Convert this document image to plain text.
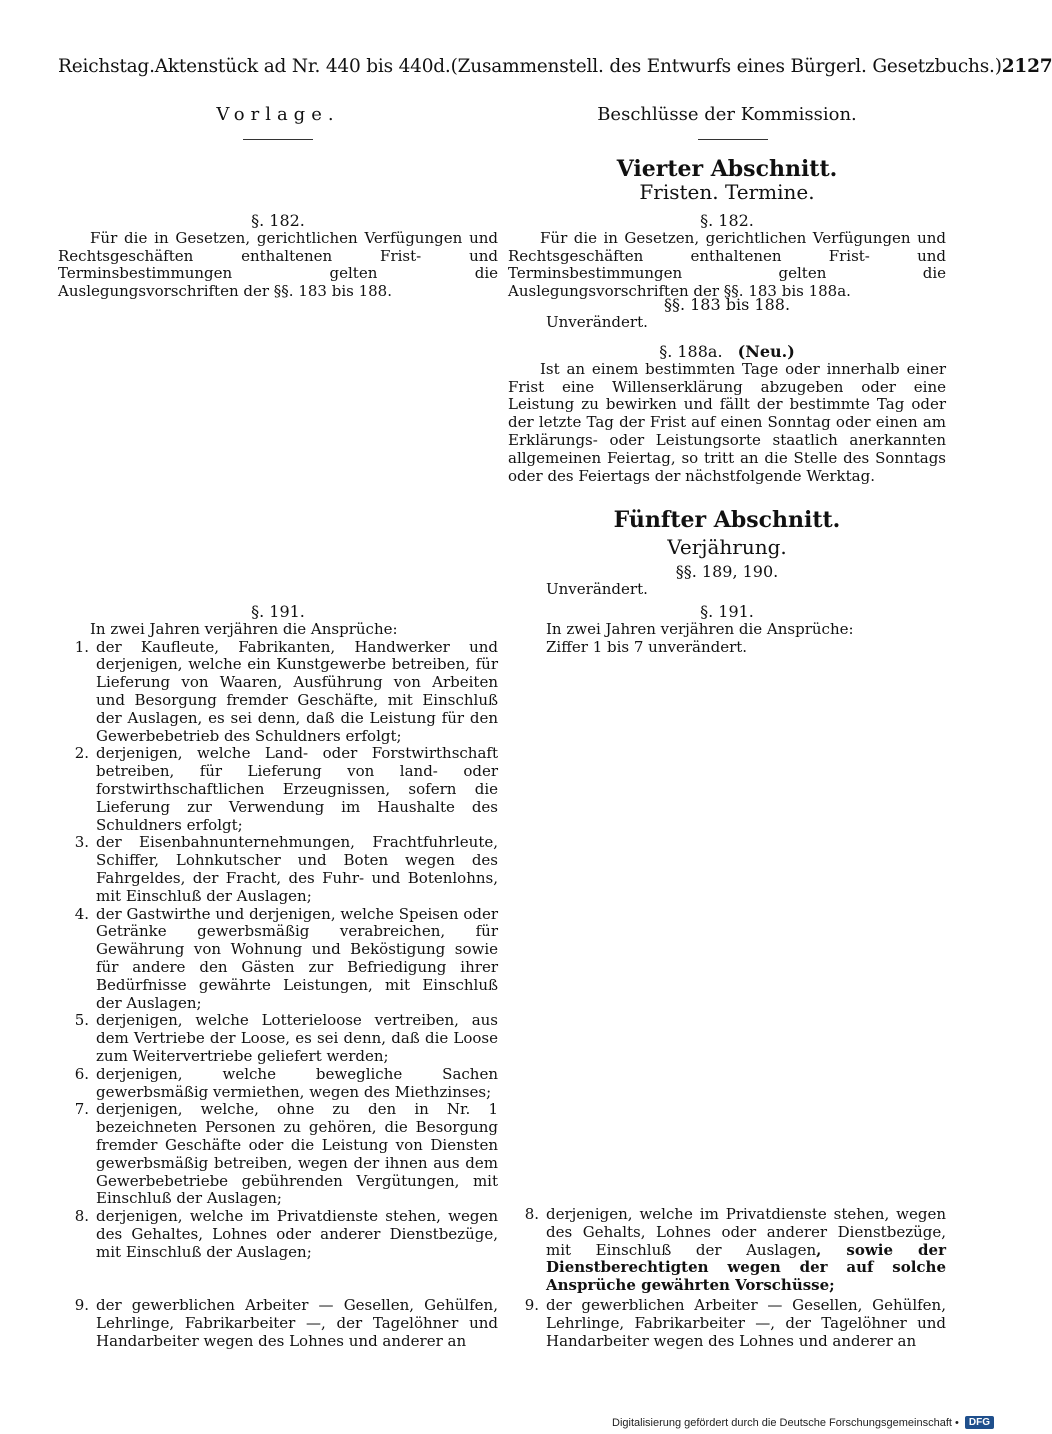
Reichstag. Aktenstück ad Nr. 440 bis 440d. (Zusammenstell. des Entwurfs eines Bürgerl. Gesetzbuchs.) 2127
Vorlage.
§. 182.
Für die in Gesetzen, gerichtlichen Verfügungen und Rechtsgeschäften enthaltenen Frist- und Terminsbestimmungen gelten die Auslegungsvorschriften der §§. 183 bis 188.
§. 191.
In zwei Jahren verjähren die Ansprüche:
1. der Kaufleute, Fabrikanten, Handwerker und derjenigen, welche ein Kunstgewerbe betreiben, für Lieferung von Waaren, Ausführung von Arbeiten und Besorgung fremder Geschäfte, mit Einschluß der Auslagen, es sei denn, daß die Leistung für den Gewerbebetrieb des Schuldners erfolgt;
2. derjenigen, welche Land- oder Forstwirthschaft betreiben, für Lieferung von land- oder forstwirthschaftlichen Erzeugnissen, sofern die Lieferung zur Verwendung im Haushalte des Schuldners erfolgt;
3. der Eisenbahnunternehmungen, Frachtfuhrleute, Schiffer, Lohnkutscher und Boten wegen des Fahrgeldes, der Fracht, des Fuhr- und Botenlohns, mit Einschluß der Auslagen;
4. der Gastwirthe und derjenigen, welche Speisen oder Getränke gewerbsmäßig verabreichen, für Gewährung von Wohnung und Beköstigung sowie für andere den Gästen zur Befriedigung ihrer Bedürfnisse gewährte Leistungen, mit Einschluß der Auslagen;
5. derjenigen, welche Lotterieloose vertreiben, aus dem Vertriebe der Loose, es sei denn, daß die Loose zum Weitervertriebe geliefert werden;
6. derjenigen, welche bewegliche Sachen gewerbsmäßig vermiethen, wegen des Miethzinses;
7. derjenigen, welche, ohne zu den in Nr. 1 bezeichneten Personen zu gehören, die Besorgung fremder Geschäfte oder die Leistung von Diensten gewerbsmäßig betreiben, wegen der ihnen aus dem Gewerbebetriebe gebührenden Vergütungen, mit Einschluß der Auslagen;
8. derjenigen, welche im Privatdienste stehen, wegen des Gehaltes, Lohnes oder anderer Dienstbezüge, mit Einschluß der Auslagen;
9. der gewerblichen Arbeiter — Gesellen, Gehülfen, Lehrlinge, Fabrikarbeiter —, der Tagelöhner und Handarbeiter wegen des Lohnes und anderer an
Beschlüsse der Kommission.
Vierter Abschnitt.
Fristen. Termine.
§. 182.
Für die in Gesetzen, gerichtlichen Verfügungen und Rechtsgeschäften enthaltenen Frist- und Terminsbestimmungen gelten die Auslegungsvorschriften der §§. 183 bis 188a.
§§. 183 bis 188.
Unverändert.
§. 188a. (Neu.)
Ist an einem bestimmten Tage oder innerhalb einer Frist eine Willenserklärung abzugeben oder eine Leistung zu bewirken und fällt der bestimmte Tag oder der letzte Tag der Frist auf einen Sonntag oder einen am Erklärungs- oder Leistungsorte staatlich anerkannten allgemeinen Feiertag, so tritt an die Stelle des Sonntags oder des Feiertags der nächstfolgende Werktag.
Fünfter Abschnitt.
Verjährung.
§§. 189, 190.
Unverändert.
§. 191.
In zwei Jahren verjähren die Ansprüche:
Ziffer 1 bis 7 unverändert.
8. derjenigen, welche im Privatdienste stehen, wegen des Gehalts, Lohnes oder anderer Dienstbezüge, mit Einschluß der Auslagen, sowie der Dienstberechtigten wegen der auf solche Ansprüche gewährten Vorschüsse;
9. der gewerblichen Arbeiter — Gesellen, Gehülfen, Lehrlinge, Fabrikarbeiter —, der Tagelöhner und Handarbeiter wegen des Lohnes und anderer an
Digitalisierung gefördert durch die Deutsche Forschungsgemeinschaft •	DFG
